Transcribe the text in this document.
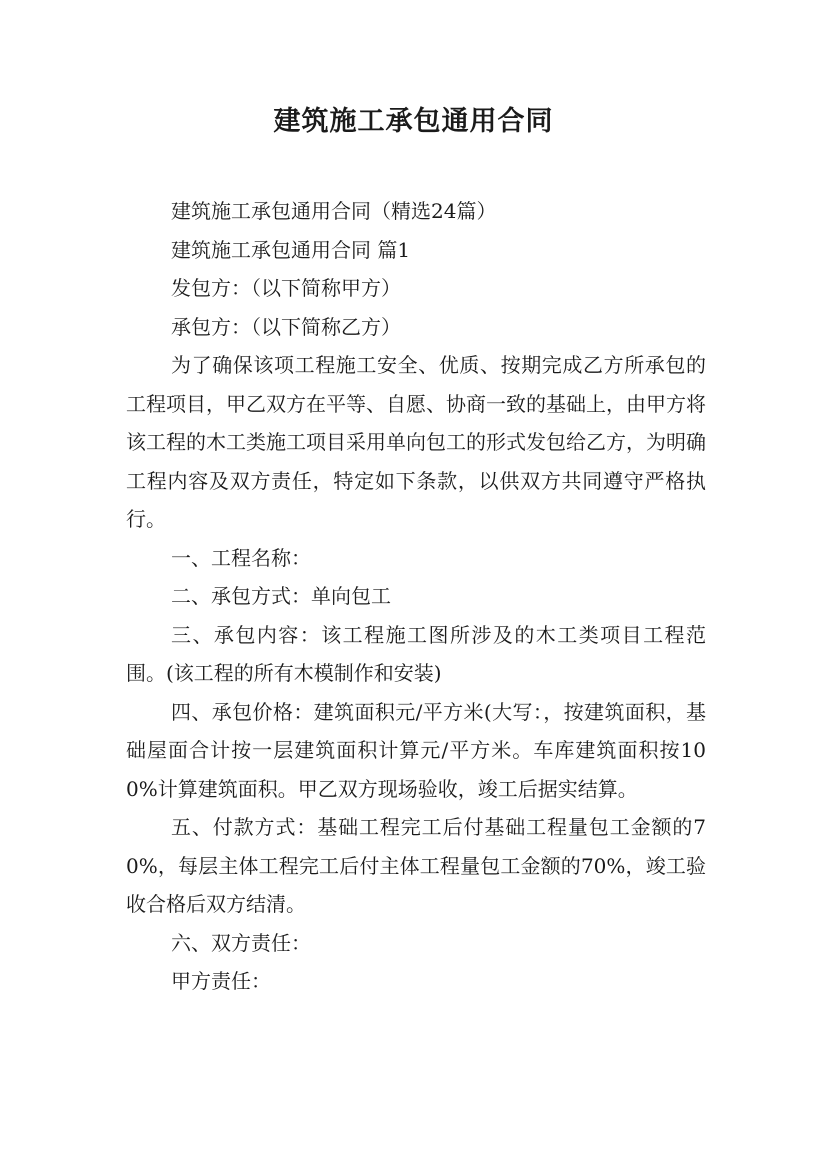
建筑施工承包通用合同

建筑施工承包通用合同（精选24篇）

建筑施工承包通用合同 篇1

发包方：（以下简称甲方）

承包方：（以下简称乙方）

为了确保该项工程施工安全、优质、按期完成乙方所承包的工程项目，甲乙双方在平等、自愿、协商一致的基础上，由甲方将该工程的木工类施工项目采用单向包工的形式发包给乙方，为明确工程内容及双方责任，特定如下条款，以供双方共同遵守严格执行。

一、工程名称：

二、承包方式：单向包工

三、承包内容：该工程施工图所涉及的木工类项目工程范围。(该工程的所有木模制作和安装)

四、承包价格：建筑面积元/平方米(大写：，按建筑面积，基础屋面合计按一层建筑面积计算元/平方米。车库建筑面积按100%计算建筑面积。甲乙双方现场验收，竣工后据实结算。

五、付款方式：基础工程完工后付基础工程量包工金额的70%，每层主体工程完工后付主体工程量包工金额的70%，竣工验收合格后双方结清。

六、双方责任：

甲方责任：
